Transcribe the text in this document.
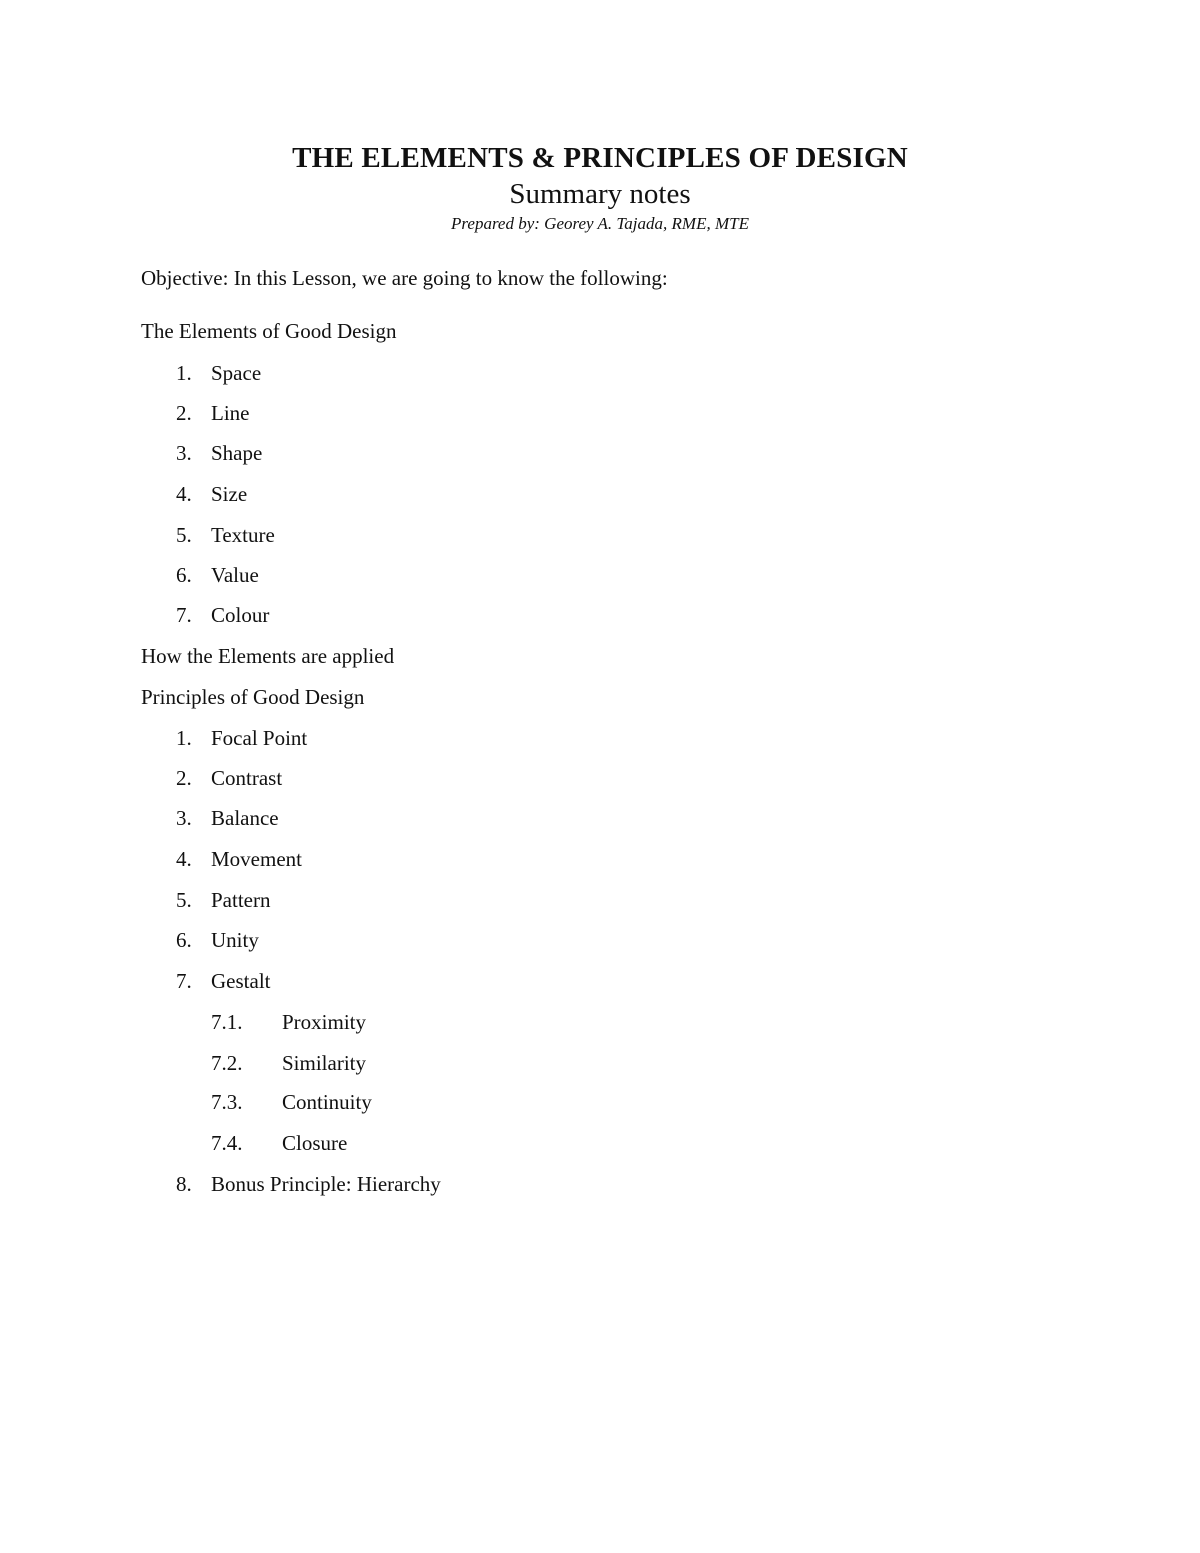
THE ELEMENTS & PRINCIPLES OF DESIGN
Summary notes
Prepared by: Georey A. Tajada, RME, MTE
Objective: In this Lesson, we are going to know the following:
The Elements of Good Design
1. Space
2. Line
3. Shape
4. Size
5. Texture
6. Value
7. Colour
How the Elements are applied
Principles of Good Design
1. Focal Point
2. Contrast
3. Balance
4. Movement
5. Pattern
6. Unity
7. Gestalt
7.1. Proximity
7.2. Similarity
7.3. Continuity
7.4. Closure
8. Bonus Principle: Hierarchy
